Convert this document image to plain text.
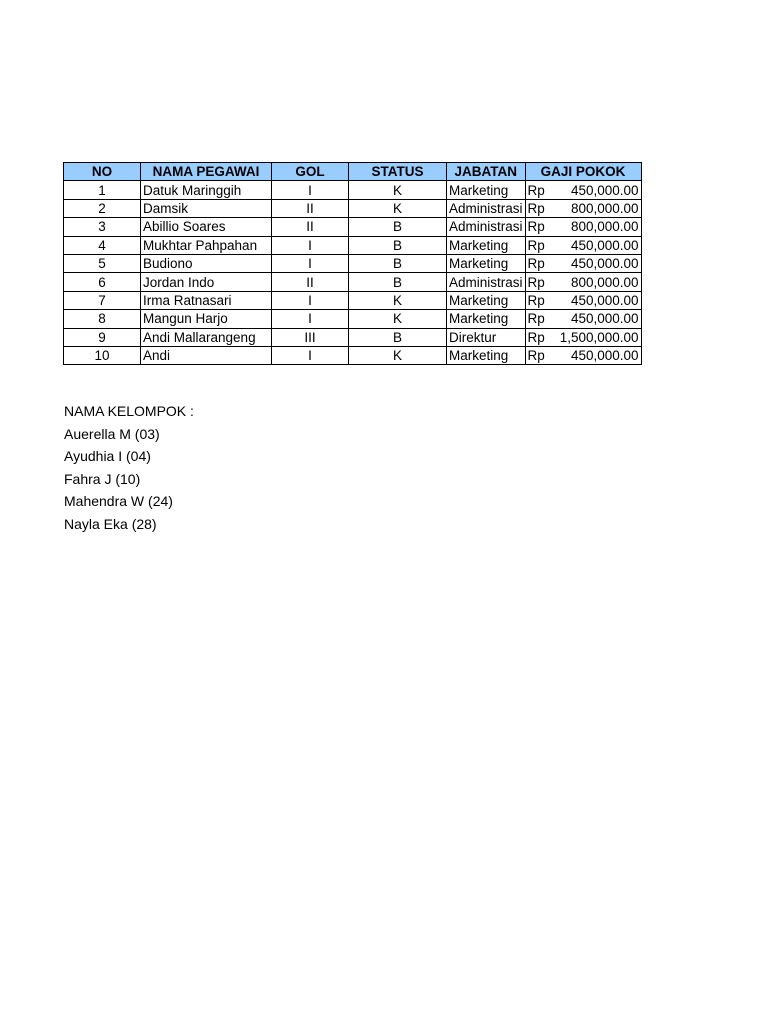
NO	NAMA PEGAWAI	GOL	STATUS	JABATAN	GAJI POKOK
1	Datuk Maringgih	I	K	Marketing	Rp 450,000.00

2	Damsik	II	K	Administrasi	Rp 800,000.00

3	Abillio Soares	II	B	Administrasi	Rp 800,000.00

4	Mukhtar Pahpahan	I	B	Marketing	Rp 450,000.00

5	Budiono	I	B	Marketing	Rp 450,000.00

6	Jordan Indo	II	B	Administrasi	Rp 800,000.00

7	Irma Ratnasari	I	K	Marketing	Rp 450,000.00

8	Mangun Harjo	I	K	Marketing	Rp 450,000.00

9	Andi Mallarangeng	III	B	Direktur	Rp 1,500,000.00

10	Andi	I	K	Marketing	Rp 450,000.00
NAMA KELOMPOK :
Auerella M (03)
Ayudhia I (04)
Fahra J (10)
Mahendra W (24)
Nayla Eka (28)
